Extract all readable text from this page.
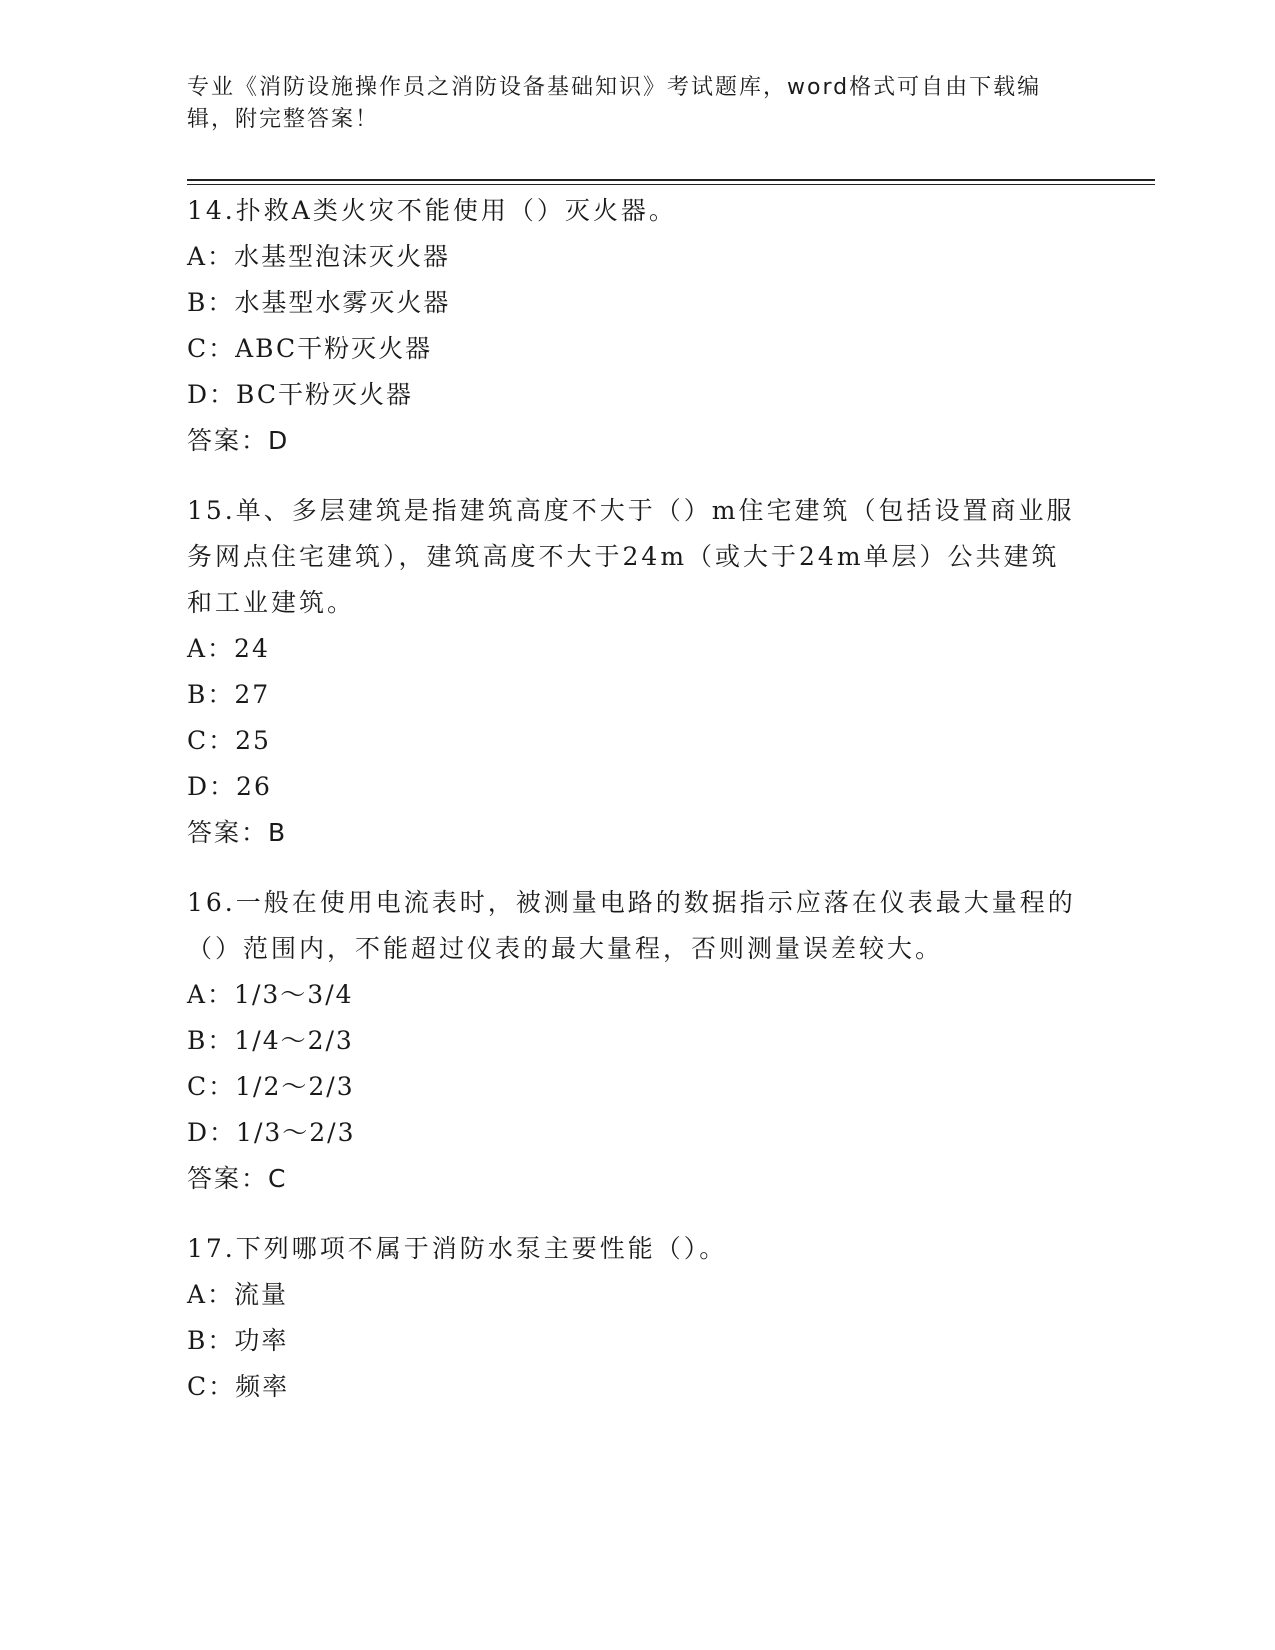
专业《消防设施操作员之消防设备基础知识》考试题库，word格式可自由下载编辑，附完整答案！
14.扑救A类火灾不能使用（）灭火器。
A：水基型泡沫灭火器
B：水基型水雾灭火器
C：ABC干粉灭火器
D：BC干粉灭火器
答案：D
15.单、多层建筑是指建筑高度不大于（）m住宅建筑（包括设置商业服务网点住宅建筑），建筑高度不大于24m（或大于24m单层）公共建筑和工业建筑。
A：24
B：27
C：25
D：26
答案：B
16.一般在使用电流表时，被测量电路的数据指示应落在仪表最大量程的（）范围内，不能超过仪表的最大量程，否则测量误差较大。
A：1/3～3/4
B：1/4～2/3
C：1/2～2/3
D：1/3～2/3
答案：C
17.下列哪项不属于消防水泵主要性能（）。
A：流量
B：功率
C：频率
